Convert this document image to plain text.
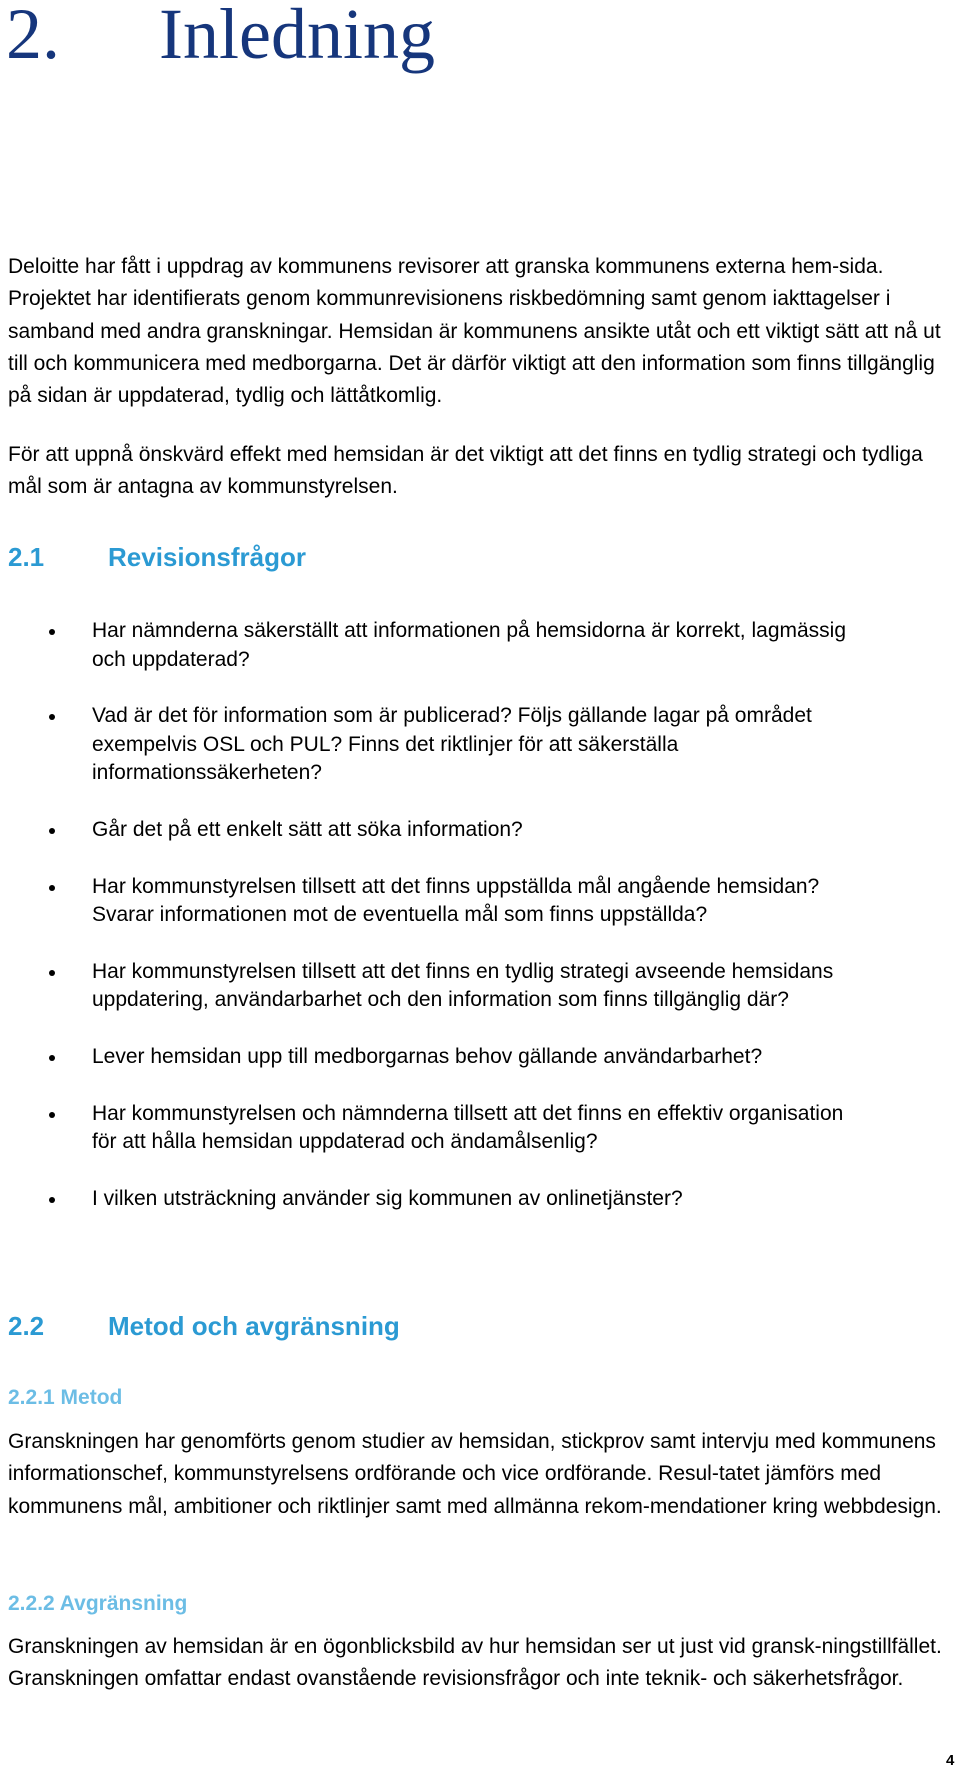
2. Inledning

Deloitte har fått i uppdrag av kommunens revisorer att granska kommunens externa hem-sida. Projektet har identifierats genom kommunrevisionens riskbedömning samt genom iakttagelser i samband med andra granskningar. Hemsidan är kommunens ansikte utåt och ett viktigt sätt att nå ut till och kommunicera med medborgarna. Det är därför viktigt att den information som finns tillgänglig på sidan är uppdaterad, tydlig och lättåtkomlig.

För att uppnå önskvärd effekt med hemsidan är det viktigt att det finns en tydlig strategi och tydliga mål som är antagna av kommunstyrelsen.

2.1 Revisionsfrågor
Har nämnderna säkerställt att informationen på hemsidorna är korrekt, lagmässig och uppdaterad?
Vad är det för information som är publicerad? Följs gällande lagar på området exempelvis OSL och PUL? Finns det riktlinjer för att säkerställa informationssäkerheten?
Går det på ett enkelt sätt att söka information?
Har kommunstyrelsen tillsett att det finns uppställda mål angående hemsidan? Svarar informationen mot de eventuella mål som finns uppställda?
Har kommunstyrelsen tillsett att det finns en tydlig strategi avseende hemsidans uppdatering, användarbarhet och den information som finns tillgänglig där?
Lever hemsidan upp till medborgarnas behov gällande användarbarhet?
Har kommunstyrelsen och nämnderna tillsett att det finns en effektiv organisation för att hålla hemsidan uppdaterad och ändamålsenlig?
I vilken utsträckning använder sig kommunen av onlinetjänster?
2.2 Metod och avgränsning
2.2.1 Metod

Granskningen har genomförts genom studier av hemsidan, stickprov samt intervju med kommunens informationschef, kommunstyrelsens ordförande och vice ordförande. Resul-tatet jämförs med kommunens mål, ambitioner och riktlinjer samt med allmänna rekom-mendationer kring webbdesign.

2.2.2 Avgränsning

Granskningen av hemsidan är en ögonblicksbild av hur hemsidan ser ut just vid gransk-ningstillfället. Granskningen omfattar endast ovanstående revisionsfrågor och inte teknik- och säkerhetsfrågor.

4
